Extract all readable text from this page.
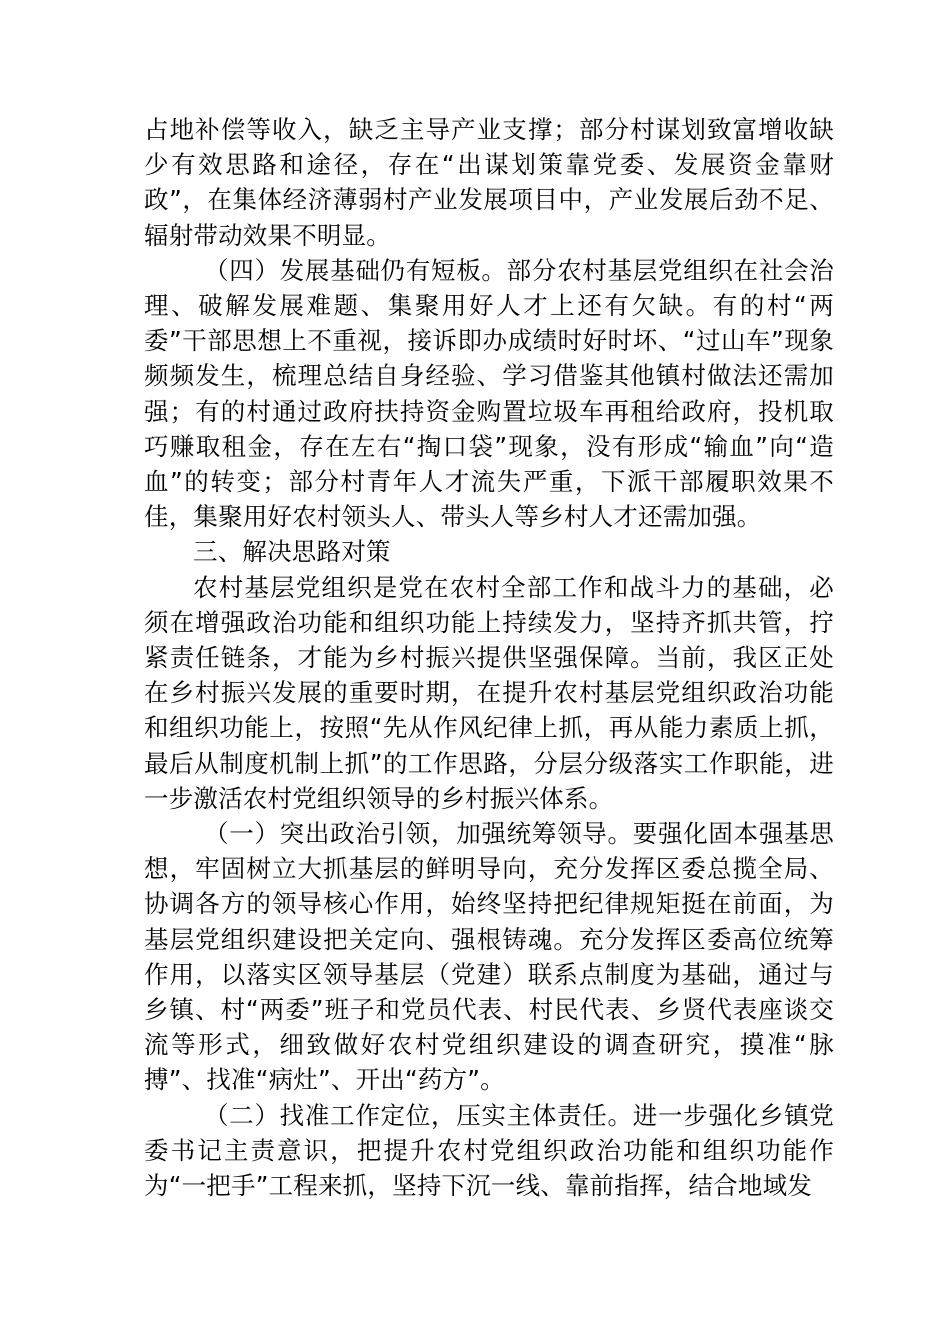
占地补偿等收入，缺乏主导产业支撑；部分村谋划致富增收缺少有效思路和途径，存在“出谋划策靠党委、发展资金靠财政”，在集体经济薄弱村产业发展项目中，产业发展后劲不足、辐射带动效果不明显。

（四）发展基础仍有短板。部分农村基层党组织在社会治理、破解发展难题、集聚用好人才上还有欠缺。有的村“两委”干部思想上不重视，接诉即办成绩时好时坏、“过山车”现象频频发生，梳理总结自身经验、学习借鉴其他镇村做法还需加强；有的村通过政府扶持资金购置垃圾车再租给政府，投机取巧赚取租金，存在左右“掏口袋”现象，没有形成“输血”向“造血”的转变；部分村青年人才流失严重，下派干部履职效果不佳，集聚用好农村领头人、带头人等乡村人才还需加强。

三、解决思路对策

农村基层党组织是党在农村全部工作和战斗力的基础，必须在增强政治功能和组织功能上持续发力，坚持齐抓共管，拧紧责任链条，才能为乡村振兴提供坚强保障。当前，我区正处在乡村振兴发展的重要时期，在提升农村基层党组织政治功能和组织功能上，按照“先从作风纪律上抓，再从能力素质上抓，最后从制度机制上抓”的工作思路，分层分级落实工作职能，进一步激活农村党组织领导的乡村振兴体系。

（一）突出政治引领，加强统筹领导。要强化固本强基思想，牢固树立大抓基层的鲜明导向，充分发挥区委总揽全局、协调各方的领导核心作用，始终坚持把纪律规矩挺在前面，为基层党组织建设把关定向、强根铸魂。充分发挥区委高位统筹作用，以落实区领导基层（党建）联系点制度为基础，通过与乡镇、村“两委”班子和党员代表、村民代表、乡贤代表座谈交流等形式，细致做好农村党组织建设的调查研究，摸准“脉搏”、找准“病灶”、开出“药方”。

（二）找准工作定位，压实主体责任。进一步强化乡镇党委书记主责意识，把提升农村党组织政治功能和组织功能作为“一把手”工程来抓，坚持下沉一线、靠前指挥，结合地域发
